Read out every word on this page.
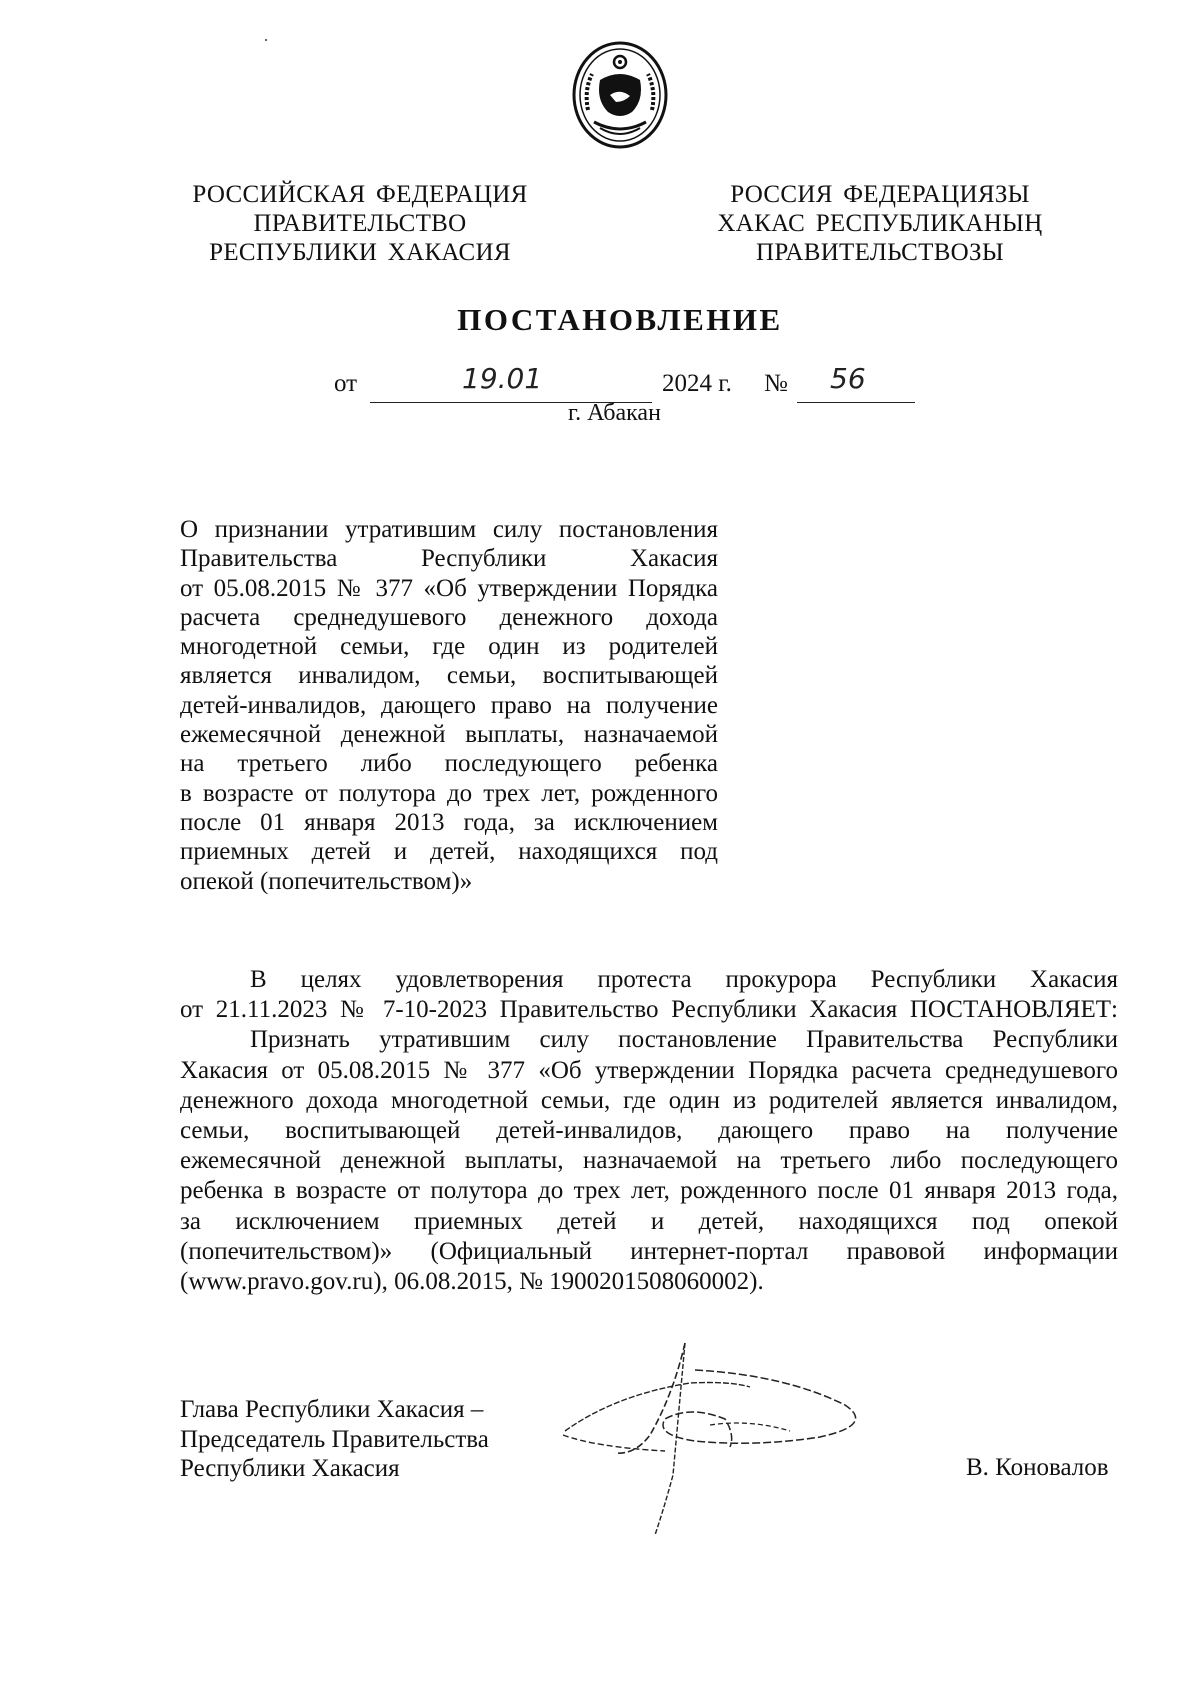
РОССИЙСКАЯ ФЕДЕРАЦИЯ
ПРАВИТЕЛЬСТВО
РЕСПУБЛИКИ ХАКАСИЯ
РОССИЯ ФЕДЕРАЦИЯЗЫ
ХАКАС РЕСПУБЛИКАНЫҢ
ПРАВИТЕЛЬСТВОЗЫ
ПОСТАНОВЛЕНИЕ
от	19.01	2024 г. № 56
г. Абакан
О признании утратившим силу постановления
Правительства Республики Хакасия
от 05.08.2015 № 377 «Об утверждении Порядка
расчета среднедушевого денежного дохода
многодетной семьи, где один из родителей
является инвалидом, семьи, воспитывающей
детей-инвалидов, дающего право на получение
ежемесячной денежной выплаты, назначаемой
на третьего либо последующего ребенка
в возрасте от полутора до трех лет, рожденного
после 01 января 2013 года, за исключением
приемных детей и детей, находящихся под
опекой (попечительством)»
В целях удовлетворения протеста прокурора Республики Хакасия
от 21.11.2023 № 7-10-2023 Правительство Республики Хакасия ПОСТАНОВЛЯЕТ:
Признать утратившим силу постановление Правительства Республики
Хакасия от 05.08.2015 № 377 «Об утверждении Порядка расчета среднедушевого
денежного дохода многодетной семьи, где один из родителей является инвалидом,
семьи, воспитывающей детей-инвалидов, дающего право на получение
ежемесячной денежной выплаты, назначаемой на третьего либо последующего
ребенка в возрасте от полутора до трех лет, рожденного после 01 января 2013 года,
за исключением приемных детей и детей, находящихся под опекой
(попечительством)» (Официальный интернет-портал правовой информации
(www.pravo.gov.ru), 06.08.2015, № 1900201508060002).
Глава Республики Хакасия –
Председатель Правительства
Республики Хакасия	В. Коновалов
